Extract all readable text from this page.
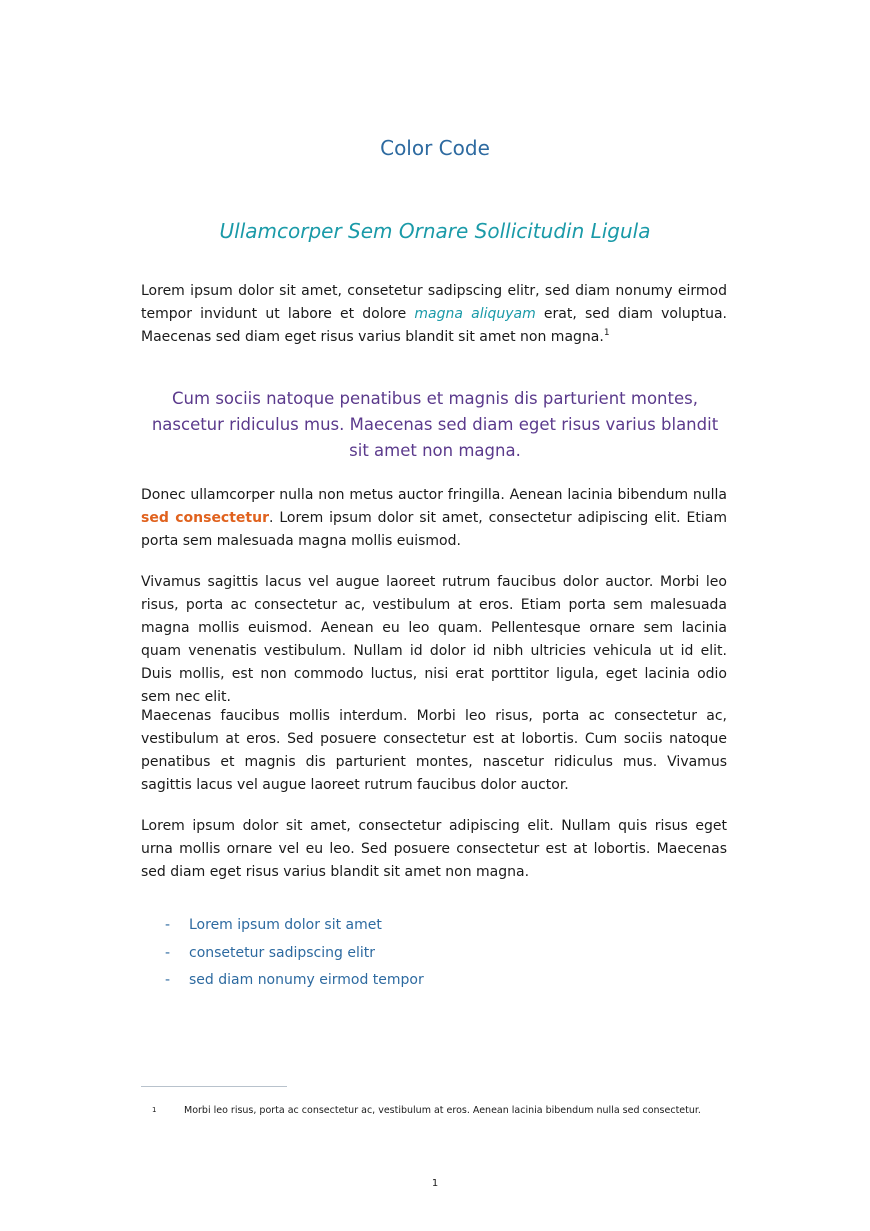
Color Code
Ullamcorper Sem Ornare Sollicitudin Ligula

Lorem ipsum dolor sit amet, consetetur sadipscing elitr, sed diam nonumy eirmod tempor invidunt ut labore et dolore magna aliquyam erat, sed diam voluptua. Maecenas sed diam eget risus varius blandit sit amet non magna.$^1$

Cum sociis natoque penatibus et magnis dis parturient montes, nascetur ridiculus mus. Maecenas sed diam eget risus varius blandit sit amet non magna.

Donec ullamcorper nulla non metus auctor fringilla. Aenean lacinia bibendum nulla sed consectetur. Lorem ipsum dolor sit amet, consectetur adipiscing elit. Etiam porta sem malesuada magna mollis euismod.

Vivamus sagittis lacus vel augue laoreet rutrum faucibus dolor auctor. Morbi leo risus, porta ac consectetur ac, vestibulum at eros. Etiam porta sem malesuada magna mollis euismod. Aenean eu leo quam. Pellentesque ornare sem lacinia quam venenatis vestibulum. Nullam id dolor id nibh ultricies vehicula ut id elit. Duis mollis, est non commodo luctus, nisi erat porttitor ligula, eget lacinia odio sem nec elit.

Maecenas faucibus mollis interdum. Morbi leo risus, porta ac consectetur ac, vestibulum at eros. Sed posuere consectetur est at lobortis. Cum sociis natoque penatibus et magnis dis parturient montes, nascetur ridiculus mus. Vivamus sagittis lacus vel augue laoreet rutrum faucibus dolor auctor.

Lorem ipsum dolor sit amet, consectetur adipiscing elit. Nullam quis risus eget urna mollis ornare vel eu leo. Sed posuere consectetur est at lobortis. Maecenas sed diam eget risus varius blandit sit amet non magna.

- Lorem ipsum dolor sit amet
- consetetur sadipscing elitr
- sed diam nonumy eirmod tempor

1	Morbi leo risus, porta ac consectetur ac, vestibulum at eros. Aenean lacinia bibendum nulla sed consectetur.

1
